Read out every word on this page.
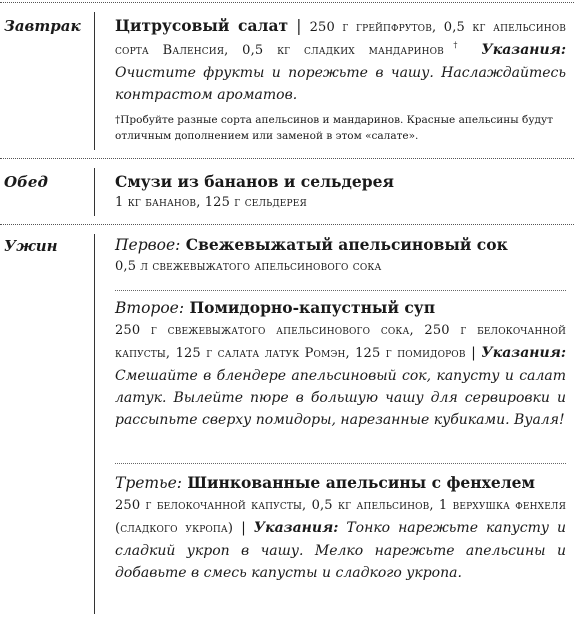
Завтрак Цитрусовый салат | 250 г грейпфрутов, 0,5 кг апельсинов сорта Валенсия, 0,5 кг сладких мандаринов† Указания: Очистите фрукты и порежьте в чашу. Наслаждайтесь контрастом ароматов.
†Пробуйте разные сорта апельсинов и мандаринов. Красные апельсины будут отличным дополнением или заменой в этом «салате».
Обед	Смузи из бананов и сельдерея
1 кг бананов, 125 г сельдерея
Ужин	Первое: Свежевыжатый апельсиновый сок
0,5 л свежевыжатого апельсинового сока
Второе: Помидорно-капустный суп
250 г свежевыжатого апельсинового сока, 250 г белокочанной капусты, 125 г салата латук Ромэн, 125 г помидоров | Указания: Смешайте в блендере апельсиновый сок, капусту и салат латук. Вылейте пюре в большую чашу для сервировки и рассыпьте сверху помидоры, нарезанные кубиками. Вуаля!
Третье: Шинкованные апельсины с фенхелем
250 г белокочанной капусты, 0,5 кг апельсинов, 1 верхушка фенхеля (сладкого укропа) | Указания: Тонко нарежьте капусту и сладкий укроп в чашу. Мелко нарежьте апельсины и добавьте в смесь капусты и сладкого укропа.
